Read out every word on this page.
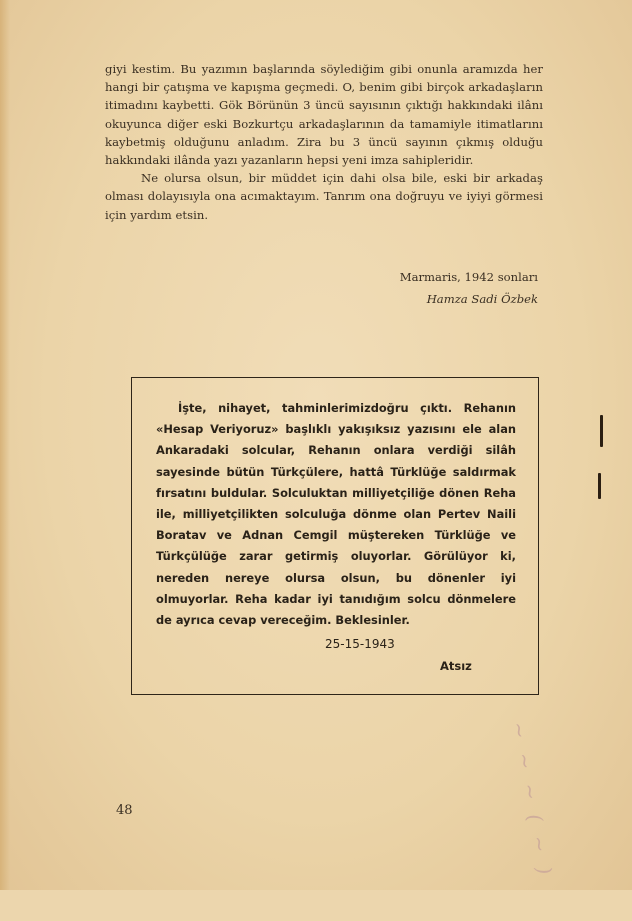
giyi kestim. Bu yazımın başlarında söylediğim gibi onunla aramızda her hangi bir çatışma ve kapışma geçmedi. O, benim gibi birçok arkadaşların itimadını kaybetti. Gök Börünün 3 üncü sayısının çıktığı hakkındaki ilânı okuyunca diğer eski Bozkurtçu arkadaşlarının da tamamiyle itimatlarını kaybetmiş olduğunu anladım. Zira bu 3 üncü sayının çıkmış olduğu hakkındaki ilânda yazı yazanların hepsi yeni imza sahipleridir.

Ne olursa olsun, bir müddet için dahi olsa bile, eski bir arkadaş olması dolayısıyla ona acımaktayım. Tanrım ona doğruyu ve iyiyi görmesi için yardım etsin.

Marmaris, 1942 sonları
Hamza Sadi Özbek

İşte, nihayet, tahminlerimizdoğru çıktı. Rehanın «Hesap Veriyoruz» başlıklı yakışıksız yazısını ele alan Ankaradaki solcular, Rehanın onlara verdiği silâh sayesinde bütün Türkçülere, hattâ Türklüğe saldırmak fırsatını buldular. Solculuktan milliyetçiliğe dönen Reha ile, milliyetçilikten solculuğa dönme olan Pertev Naili Boratav ve Adnan Cemgil müştereken Türklüğe ve Türkçülüğe zarar getirmiş oluyorlar. Görülüyor ki, nereden nereye olursa olsun, bu dönenler iyi olmuyorlar. Reha kadar iyi tanıdığım solcu dönmelere de ayrıca cevap vereceğim. Beklesinler.

25-15-1943
Atsız
~ ~ ~ ( ~ )
48
